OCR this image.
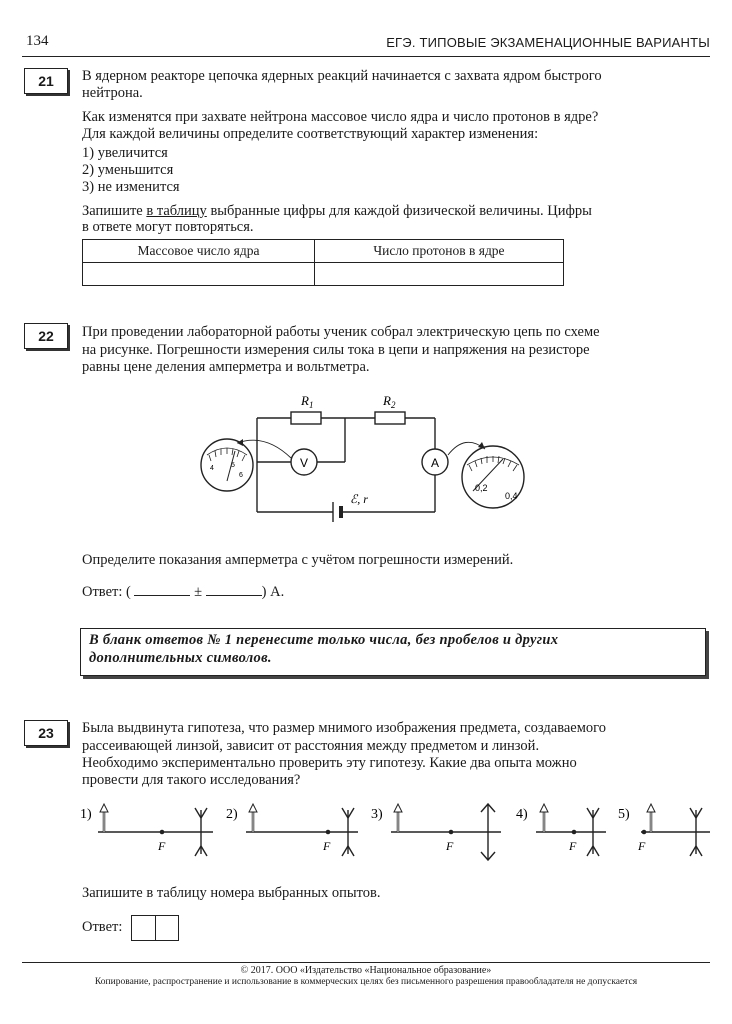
134	ЕГЭ. ТИПОВЫЕ ЭКЗАМЕНАЦИОННЫЕ ВАРИАНТЫ
21	В ядерном реакторе цепочка ядерных реакций начинается с захвата ядром быстрого
нейтрона.
Как изменятся при захвате нейтрона массовое число ядра и число протонов в ядре?
Для каждой величины определите соответствующий характер изменения:
1) увеличится
2) уменьшится
3) не изменится
Запишите в таблицу выбранные цифры для каждой физической величины. Цифры
в ответе могут повторяться.
Массовое число ядра	Число протонов в ядре

22	При проведении лабораторной работы ученик собрал электрическую цепь по схеме
на рисунке. Погрешности измерения силы тока в цепи и напряжения на резисторе
равны цене деления амперметра и вольтметра.
$R_1$	$R_2$
V	A
ℰ, r
4 5
6
0,2
0,4
Определите показания амперметра с учётом погрешности измерений.
Ответ: (	±	) А.
В бланк ответов № 1 перенесите только числа, без пробелов и других
дополнительных символов.
23	Была выдвинута гипотеза, что размер мнимого изображения предмета, создаваемого
рассеивающей линзой, зависит от расстояния между предметом и линзой.
Необходимо экспериментально проверить эту гипотезу. Какие два опыта можно
провести для такого исследования?
1)
F
2)
F
3)
F
4)
F
5)
F
Запишите в таблицу номера выбранных опытов.
Ответ:
© 2017. ООО «Издательство «Национальное образование»
Копирование, распространение и использование в коммерческих целях без письменного разрешения правообладателя не допускается
